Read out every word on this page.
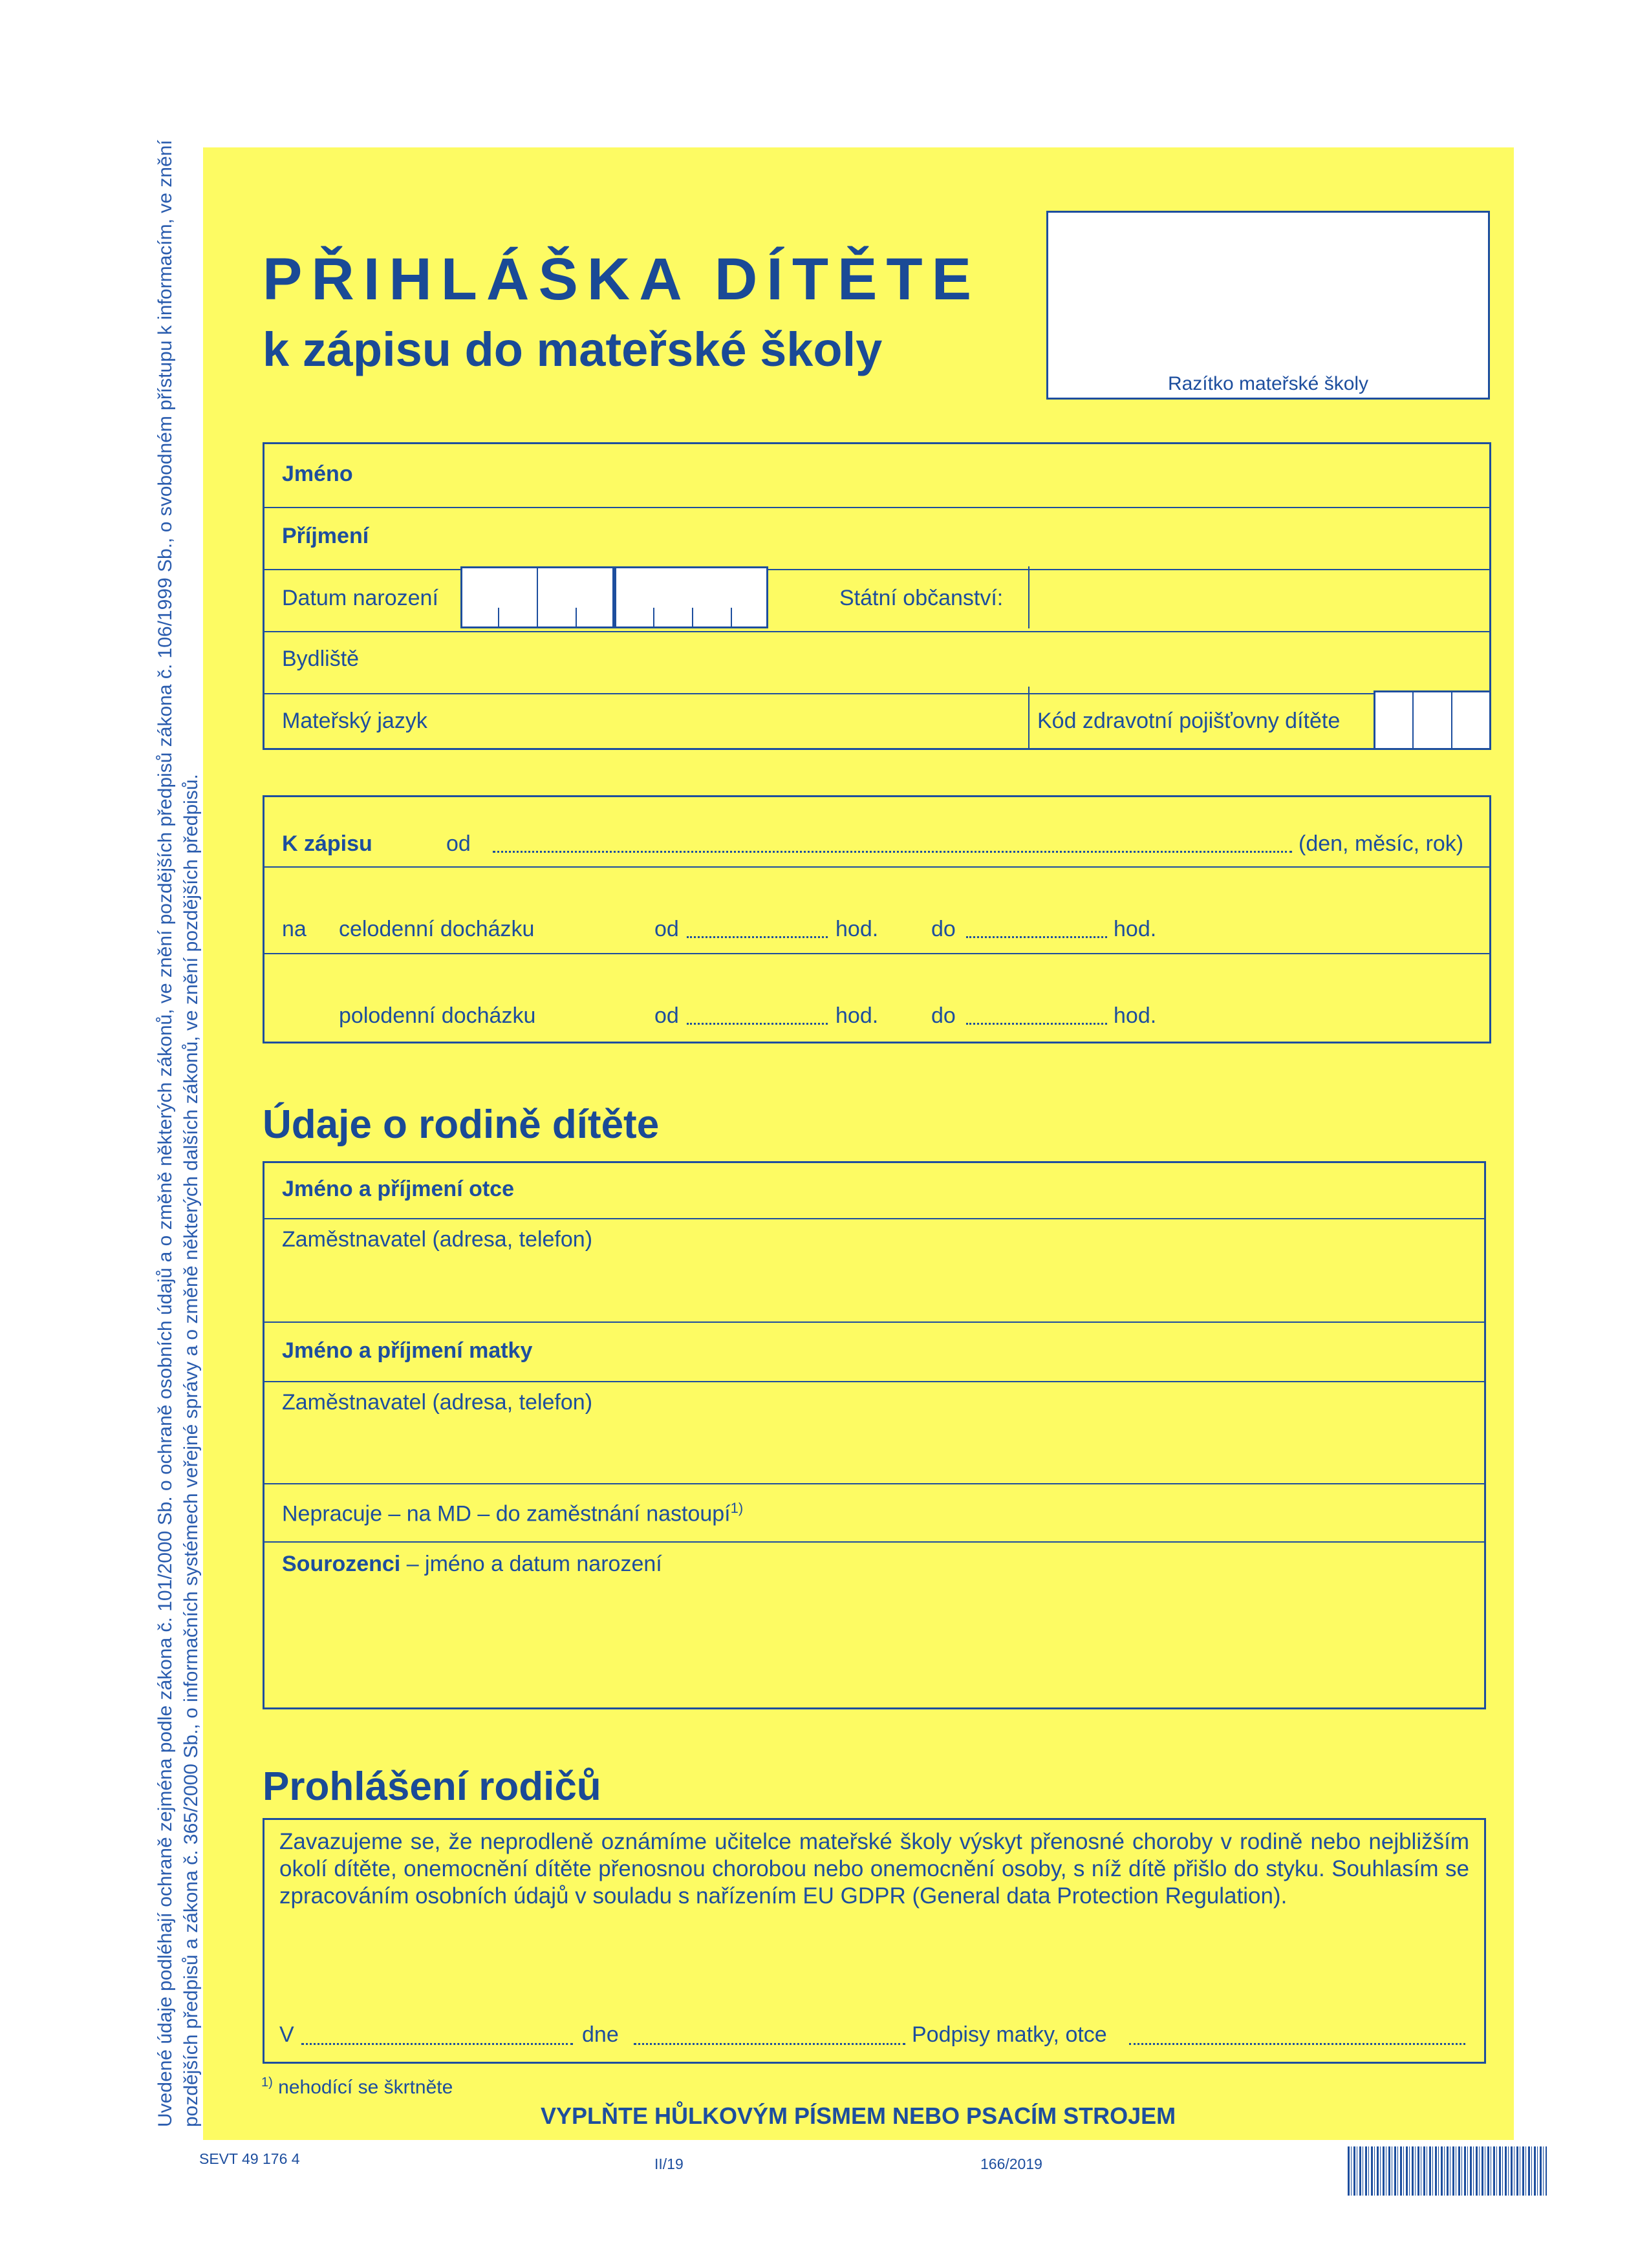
Uvedené údaje podléhají ochraně zejména podle zákona č. 101/2000 Sb. o ochraně osobních údajů a o změně některých zákonů, ve znění pozdějších předpisů zákona č. 106/1999 Sb., o svobodném přístupu k informacím, ve znění pozdějších předpisů a zákona č. 365/2000 Sb., o informačních systémech veřejné správy a o změně některých dalších zákonů, ve znění pozdějších předpisů.
PŘIHLÁŠKA DÍTĚTE
k zápisu do mateřské školy
Razítko mateřské školy
Jméno
Příjmení
Datum narození	Státní občanství:
Bydliště
Mateřský jazyk	Kód zdravotní pojišťovny dítěte
K zápisu	od	(den, měsíc, rok)
na celodenní docházku	od	hod. do	hod.
polodenní docházku	od	hod. do	hod.
Údaje o rodině dítěte
Jméno a příjmení otce
Zaměstnavatel (adresa, telefon)
Jméno a příjmení matky
Zaměstnavatel (adresa, telefon)
Nepracuje – na MD – do zaměstnání nastoupí$^{1)}$
Sourozenci – jméno a datum narození
Prohlášení rodičů
Zavazujeme se, že neprodleně oznámíme učitelce mateřské školy výskyt přenosné choroby v rodině nebo nejbližším okolí dítěte, onemocnění dítěte přenosnou chorobou nebo onemocnění osoby, s níž dítě přišlo do styku. Souhlasím se zpracováním osobních údajů v souladu s nařízením EU GDPR (General data Protection Regulation).
V	dne	Podpisy matky, otce
$^{1)}$ nehodící se škrtněte
VYPLŇTE HŮLKOVÝM PÍSMEM NEBO PSACÍM STROJEM
SEVT 49 176 4	II/19	166/2019
